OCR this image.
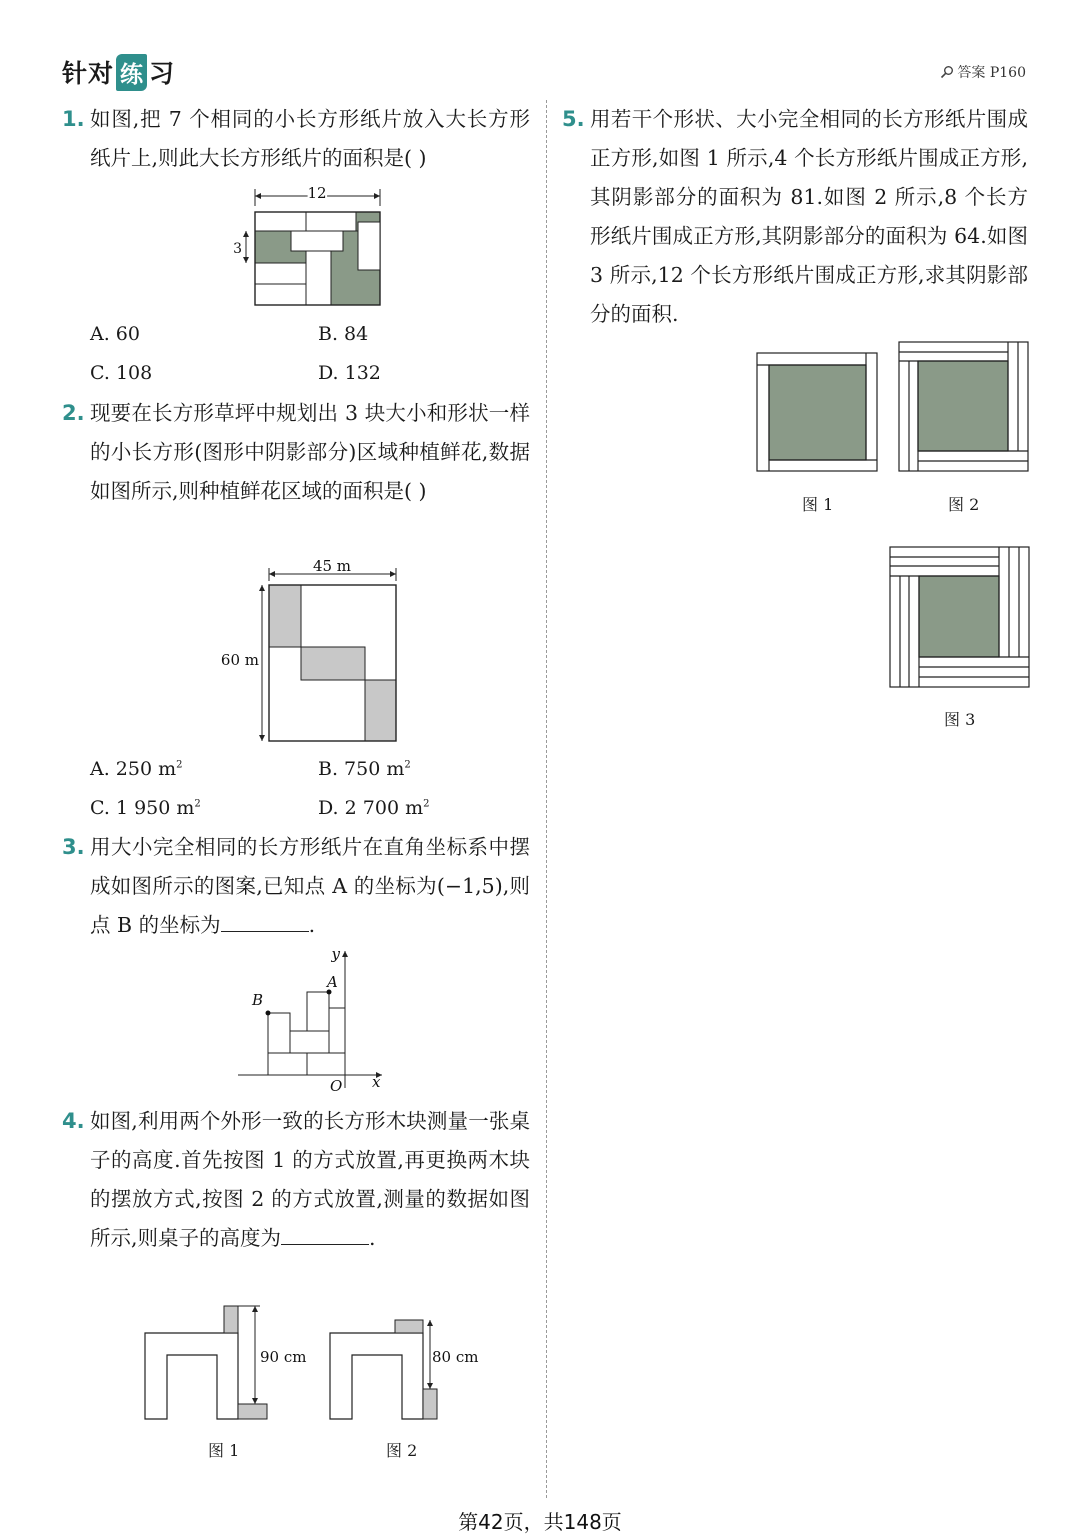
针对 练 习	答案 P160
1. 如图,把 7 个相同的小长方形纸片放入大长方形纸片上,则此大长方形纸片的面积是( )
12
3
A. 60	B. 84
C. 108	D. 132
2. 现要在长方形草坪中规划出 3 块大小和形状一样的小长方形(图形中阴影部分)区域种植鲜花,数据如图所示,则种植鲜花区域的面积是( )
45 m
60 m
A. 250 $m^2$	B. 750 $m^2$
C. 1 950 $m^2$	D. 2 700 $m^2$
3. 用大小完全相同的长方形纸片在直角坐标系中摆成如图所示的图案,已知点 A 的坐标为(−1,5),则点 B 的坐标为	.
y
x
O
B
A
4. 如图,利用两个外形一致的长方形木块测量一张桌子的高度.首先按图 1 的方式放置,再更换两木块的摆放方式,按图 2 的方式放置,测量的数据如图所示,则桌子的高度为	.
90 cm
图 1
80 cm
图 2
5. 用若干个形状、大小完全相同的长方形纸片围成正方形,如图 1 所示,4 个长方形纸片围成正方形,其阴影部分的面积为 81.如图 2 所示,8 个长方形纸片围成正方形,其阴影部分的面积为 64.如图 3 所示,12 个长方形纸片围成正方形,求其阴影部分的面积.
图 1	图 2
图 3
第42页，共148页
